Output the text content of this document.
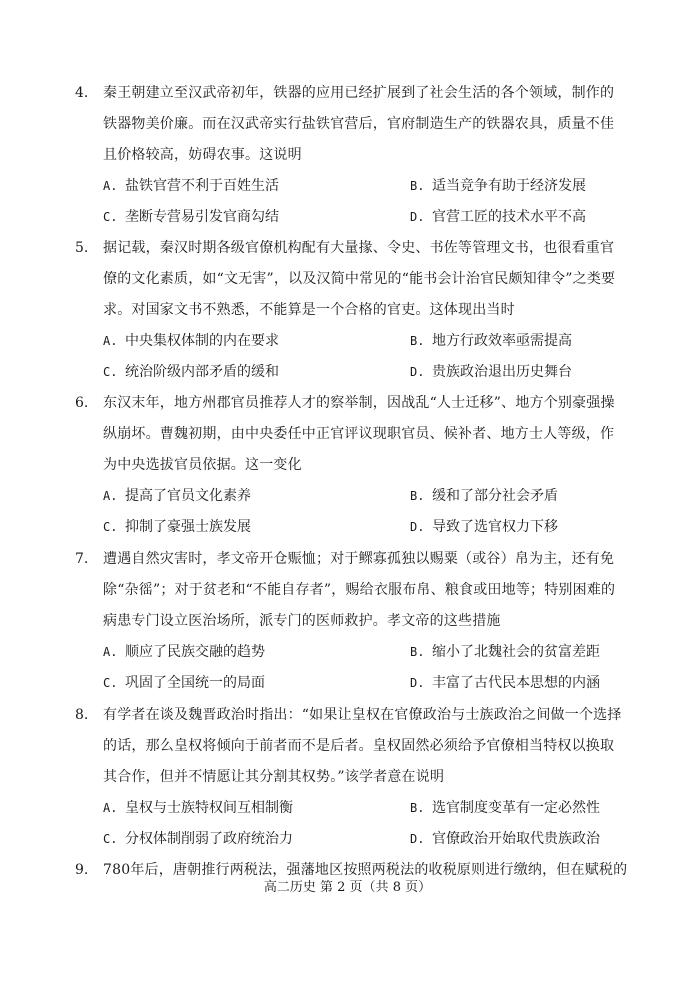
4.	秦王朝建立至汉武帝初年，铁器的应用已经扩展到了社会生活的各个领域，制作的铁器物美价廉。而在汉武帝实行盐铁官营后，官府制造生产的铁器农具，质量不佳且价格较高，妨碍农事。这说明
A. 盐铁官营不利于百姓生活	B. 适当竞争有助于经济发展
C. 垄断专营易引发官商勾结	D. 官营工匠的技术水平不高
5.	据记载，秦汉时期各级官僚机构配有大量掾、令史、书佐等管理文书，也很看重官僚的文化素质，如“文无害”，以及汉简中常见的“能书会计治官民颇知律令”之类要求。对国家文书不熟悉，不能算是一个合格的官吏。这体现出当时
A. 中央集权体制的内在要求	B. 地方行政效率亟需提高
C. 统治阶级内部矛盾的缓和	D. 贵族政治退出历史舞台
6.	东汉末年，地方州郡官员推荐人才的察举制，因战乱“人士迁移”、地方个别豪强操纵崩坏。曹魏初期，由中央委任中正官评议现职官员、候补者、地方士人等级，作为中央选拔官员依据。这一变化
A. 提高了官员文化素养	B. 缓和了部分社会矛盾
C. 抑制了豪强士族发展	D. 导致了选官权力下移
7.	遭遇自然灾害时，孝文帝开仓赈恤；对于鳏寡孤独以赐粟（或谷）帛为主，还有免除“杂徭”；对于贫老和“不能自存者”，赐给衣服布帛、粮食或田地等；特别困难的病患专门设立医治场所，派专门的医师救护。孝文帝的这些措施
A. 顺应了民族交融的趋势	B. 缩小了北魏社会的贫富差距
C. 巩固了全国统一的局面	D. 丰富了古代民本思想的内涵
8.	有学者在谈及魏晋政治时指出：“如果让皇权在官僚政治与士族政治之间做一个选择的话，那么皇权将倾向于前者而不是后者。皇权固然必须给予官僚相当特权以换取其合作，但并不情愿让其分割其权势。”该学者意在说明
A. 皇权与士族特权间互相制衡	B. 选官制度变革有一定必然性
C. 分权体制削弱了政府统治力	D. 官僚政治开始取代贵族政治
9.	780年后，唐朝推行两税法，强藩地区按照两税法的收税原则进行缴纳，但在赋税的
高二历史 第 2 页（共 8 页）
